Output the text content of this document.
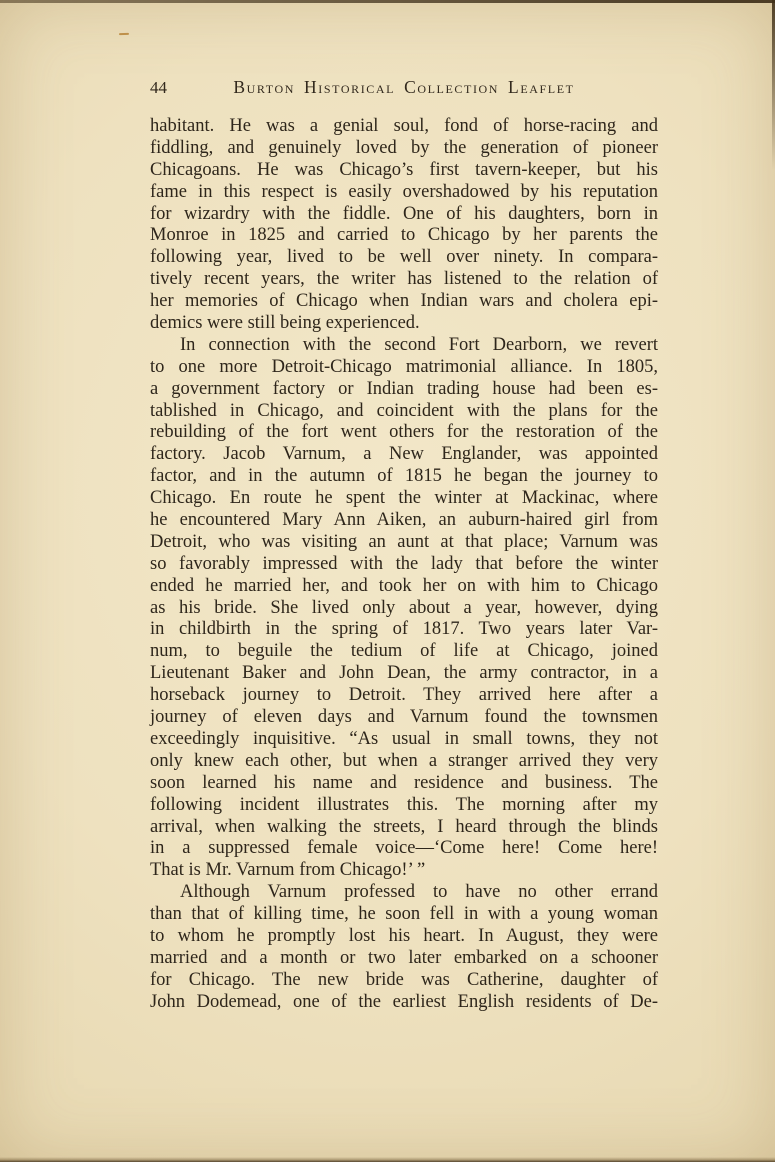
44	Burton Historical Collection Leaflet
habitant. He was a genial soul, fond of horse-racing and
fiddling, and genuinely loved by the generation of pioneer
Chicagoans. He was Chicago’s first tavern-keeper, but his
fame in this respect is easily overshadowed by his reputation
for wizardry with the fiddle. One of his daughters, born in
Monroe in 1825 and carried to Chicago by her parents the
following year, lived to be well over ninety. In compara-
tively recent years, the writer has listened to the relation of
her memories of Chicago when Indian wars and cholera epi-
demics were still being experienced.
In connection with the second Fort Dearborn, we revert
to one more Detroit-Chicago matrimonial alliance. In 1805,
a government factory or Indian trading house had been es-
tablished in Chicago, and coincident with the plans for the
rebuilding of the fort went others for the restoration of the
factory. Jacob Varnum, a New Englander, was appointed
factor, and in the autumn of 1815 he began the journey to
Chicago. En route he spent the winter at Mackinac, where
he encountered Mary Ann Aiken, an auburn-haired girl from
Detroit, who was visiting an aunt at that place; Varnum was
so favorably impressed with the lady that before the winter
ended he married her, and took her on with him to Chicago
as his bride. She lived only about a year, however, dying
in childbirth in the spring of 1817. Two years later Var-
num, to beguile the tedium of life at Chicago, joined
Lieutenant Baker and John Dean, the army contractor, in a
horseback journey to Detroit. They arrived here after a
journey of eleven days and Varnum found the townsmen
exceedingly inquisitive. “As usual in small towns, they not
only knew each other, but when a stranger arrived they very
soon learned his name and residence and business. The
following incident illustrates this. The morning after my
arrival, when walking the streets, I heard through the blinds
in a suppressed female voice—‘Come here! Come here!
That is Mr. Varnum from Chicago!’ ”
Although Varnum professed to have no other errand
than that of killing time, he soon fell in with a young woman
to whom he promptly lost his heart. In August, they were
married and a month or two later embarked on a schooner
for Chicago. The new bride was Catherine, daughter of
John Dodemead, one of the earliest English residents of De-
